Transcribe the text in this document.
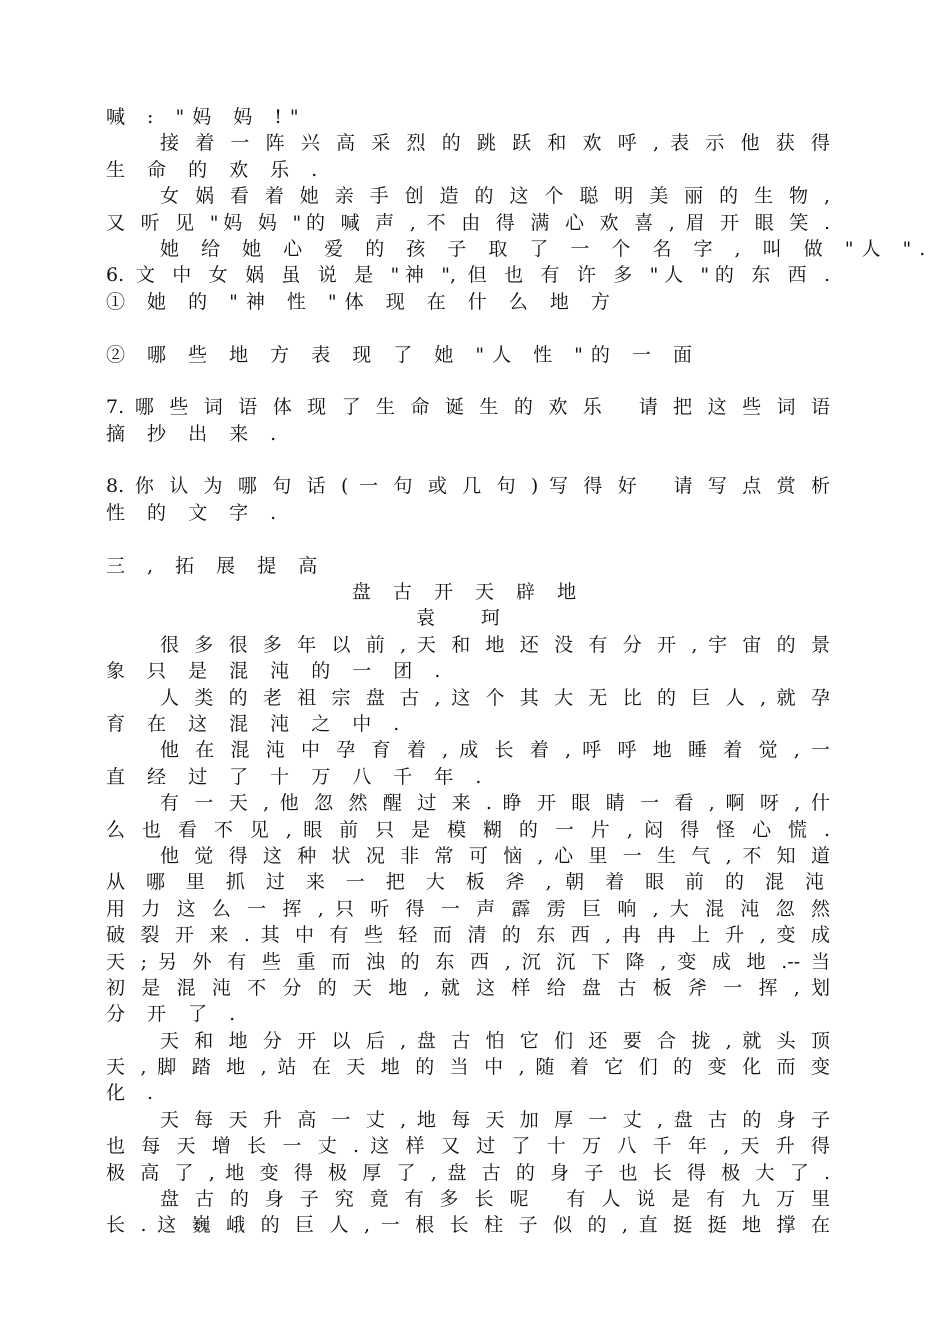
喊 : "妈 妈 !"
接 着 一 阵 兴 高 采 烈 的 跳 跃 和 欢 呼 , 表 示 他 获 得
生 命 的 欢 乐 .
女 娲 看 着 她 亲 手 创 造 的 这 个 聪 明 美 丽 的 生 物 ,
又 听 见 "妈 妈 "的 喊 声 , 不 由 得 满 心 欢 喜 , 眉 开 眼 笑 .
她 给 她 心 爱 的 孩 子 取 了 一 个 名 字 , 叫 做 "人 ".
6. 文 中 女 娲 虽 说 是 "神 ", 但 也 有 许 多 "人 "的 东 西 .
① 她 的 "神 性 "体 现 在 什 么 地 方
② 哪 些 地 方 表 现 了 她 "人 性 "的 一 面
7. 哪 些 词 语 体 现 了 生 命 诞 生 的 欢 乐   请 把 这 些 词 语
摘 抄 出 来 .
8. 你 认 为 哪 句 话 ( 一 句 或 几 句 ) 写 得 好   请 写 点 赏 析
性 的 文 字 .
三 , 拓 展 提 高
盘 古 开 天 辟 地
袁 珂
很 多 很 多 年 以 前 , 天 和 地 还 没 有 分 开 , 宇 宙 的 景
象 只 是 混 沌 的 一 团 .
人 类 的 老 祖 宗 盘 古 , 这 个 其 大 无 比 的 巨 人 , 就 孕
育 在 这 混 沌 之 中 .
他 在 混 沌 中 孕 育 着 , 成 长 着 , 呼 呼 地 睡 着 觉 , 一
直 经 过 了 十 万 八 千 年 .
有 一 天 , 他 忽 然 醒 过 来 . 睁 开 眼 睛 一 看 , 啊 呀 , 什
么 也 看 不 见 , 眼 前 只 是 模 糊 的 一 片 , 闷 得 怪 心 慌 .
他 觉 得 这 种 状 况 非 常 可 恼 , 心 里 一 生 气 , 不 知 道
从 哪 里 抓 过 来 一 把 大 板 斧 , 朝 着 眼 前 的 混 沌
用 力 这 么 一 挥 , 只 听 得 一 声 霹 雳 巨 响 , 大 混 沌 忽 然
破 裂 开 来 . 其 中 有 些 轻 而 清 的 东 西 , 冉 冉 上 升 , 变 成
天 ; 另 外 有 些 重 而 浊 的 东 西 , 沉 沉 下 降 , 变 成 地 .-- 当
初 是 混 沌 不 分 的 天 地 , 就 这 样 给 盘 古 板 斧 一 挥 , 划
分 开 了 .
天 和 地 分 开 以 后 , 盘 古 怕 它 们 还 要 合 拢 , 就 头 顶
天 , 脚 踏 地 , 站 在 天 地 的 当 中 , 随 着 它 们 的 变 化 而 变
化 .
天 每 天 升 高 一 丈 , 地 每 天 加 厚 一 丈 , 盘 古 的 身 子
也 每 天 增 长 一 丈 . 这 样 又 过 了 十 万 八 千 年 , 天 升 得
极 高 了 , 地 变 得 极 厚 了 , 盘 古 的 身 子 也 长 得 极 大 了 .
盘 古 的 身 子 究 竟 有 多 长 呢   有 人 说 是 有 九 万 里
长 . 这 巍 峨 的 巨 人 , 一 根 长 柱 子 似 的 , 直 挺 挺 地 撑 在
